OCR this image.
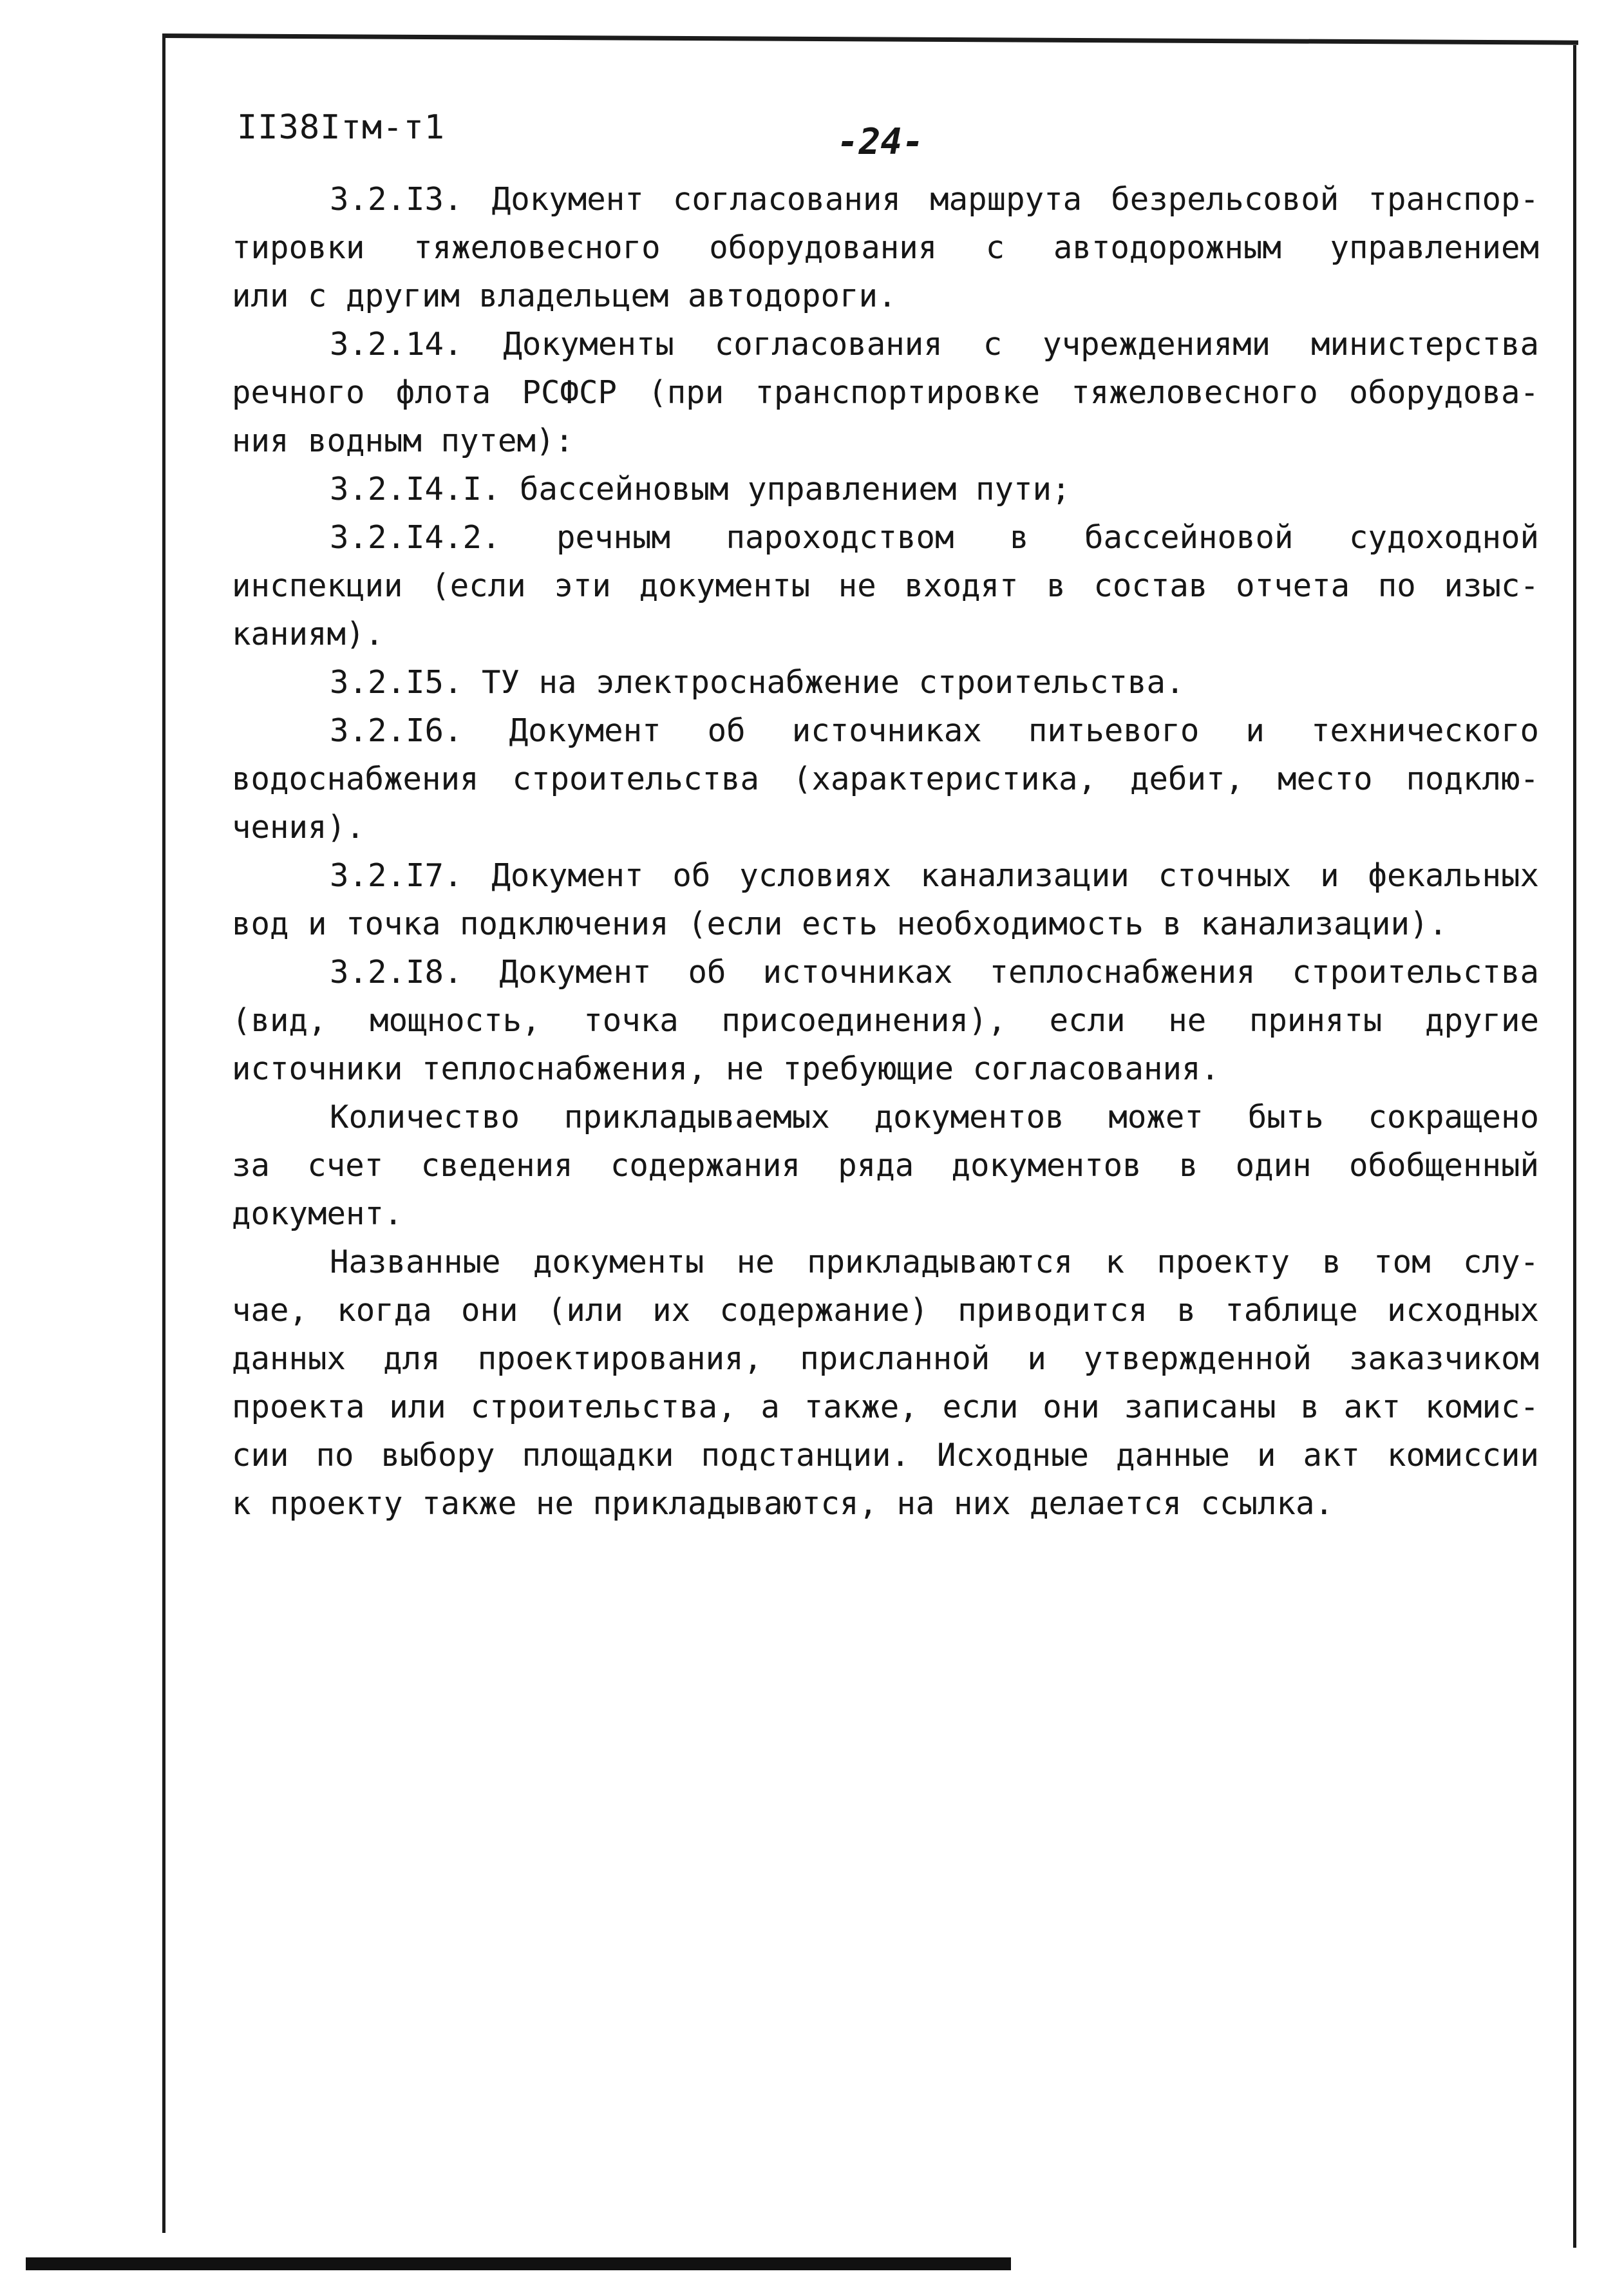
II38Iтм-т1	-24-
3.2.I3. Документ согласования маршрута безрельсовой транспор-
тировки тяжеловесного оборудования с автодорожным управлением
или с другим владельцем автодороги.
3.2.14. Документы согласования с учреждениями министерства
речного флота РСФСР (при транспортировке тяжеловесного оборудова-
ния водным путем):
3.2.I4.I. бассейновым управлением пути;
3.2.I4.2. речным пароходством в бассейновой судоходной
инспекции (если эти документы не входят в состав отчета по изыс-
каниям).
3.2.I5. ТУ на электроснабжение строительства.
3.2.I6. Документ об источниках питьевого и технического
водоснабжения строительства (характеристика, дебит, место подклю-
чения).
3.2.I7. Документ об условиях канализации сточных и фекальных
вод и точка подключения (если есть необходимость в канализации).
3.2.I8. Документ об источниках теплоснабжения строительства
(вид, мощность, точка присоединения), если не приняты другие
источники теплоснабжения, не требующие согласования.
Количество прикладываемых документов может быть сокращено
за счет сведения содержания ряда документов в один обобщенный
документ.
Названные документы не прикладываются к проекту в том слу-
чае, когда они (или их содержание) приводится в таблице исходных
данных для проектирования, присланной и утвержденной заказчиком
проекта или строительства, а также, если они записаны в акт комис-
сии по выбору площадки подстанции. Исходные данные и акт комиссии
к проекту также не прикладываются, на них делается ссылка.
